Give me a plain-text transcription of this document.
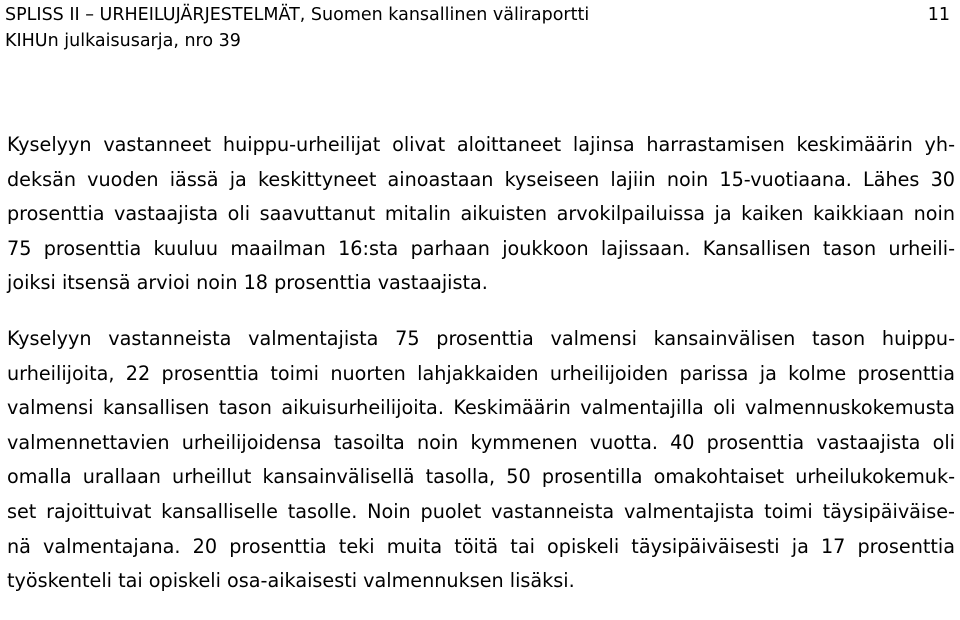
SPLISS II – URHEILUJÄRJESTELMÄT, Suomen kansallinen väliraportti
KIHUn julkaisusarja, nro 39
11

Kyselyyn vastanneet huippu-urheilijat olivat aloittaneet lajinsa harrastamisen keskimäärin yh-
deksän vuoden iässä ja keskittyneet ainoastaan kyseiseen lajiin noin 15-vuotiaana. Lähes 30
prosenttia vastaajista oli saavuttanut mitalin aikuisten arvokilpailuissa ja kaiken kaikkiaan noin
75 prosenttia kuuluu maailman 16:sta parhaan joukkoon lajissaan. Kansallisen tason urheili-
joiksi itsensä arvioi noin 18 prosenttia vastaajista.

Kyselyyn vastanneista valmentajista 75 prosenttia valmensi kansainvälisen tason huippu-
urheilijoita, 22 prosenttia toimi nuorten lahjakkaiden urheilijoiden parissa ja kolme prosenttia
valmensi kansallisen tason aikuisurheilijoita. Keskimäärin valmentajilla oli valmennuskokemusta
valmennettavien urheilijoidensa tasoilta noin kymmenen vuotta. 40 prosenttia vastaajista oli
omalla urallaan urheillut kansainvälisellä tasolla, 50 prosentilla omakohtaiset urheilukokemuk-
set rajoittuivat kansalliselle tasolle. Noin puolet vastanneista valmentajista toimi täysipäiväise-
nä valmentajana. 20 prosenttia teki muita töitä tai opiskeli täysipäiväisesti ja 17 prosenttia
työskenteli tai opiskeli osa-aikaisesti valmennuksen lisäksi.
